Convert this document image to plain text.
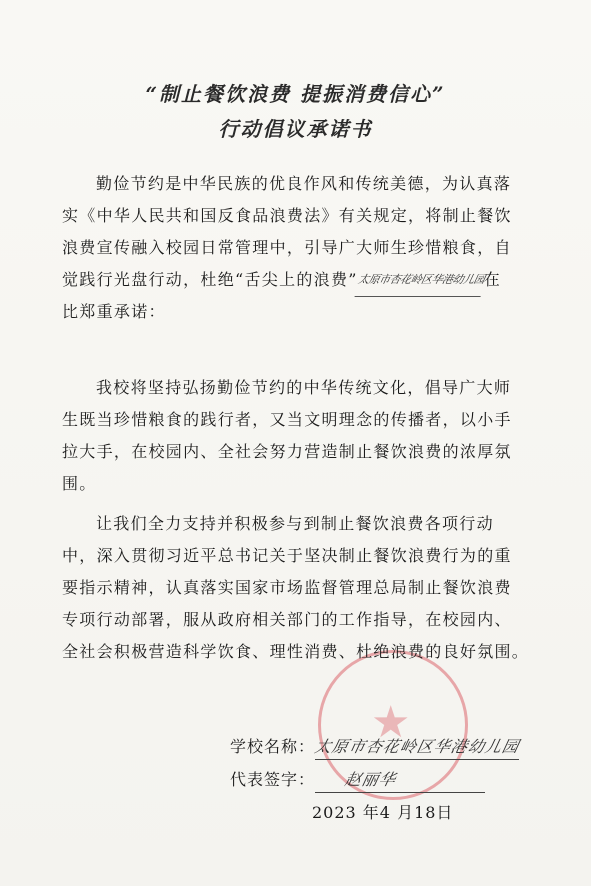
★
“制止餐饮浪费 提振消费信心”
行动倡议承诺书
勤俭节约是中华民族的优良作风和传统美德，为认真落
实《中华人民共和国反食品浪费法》有关规定，将制止餐饮
浪费宣传融入校园日常管理中，引导广大师生珍惜粮食，自
觉践行光盘行动，杜绝“舌尖上的浪费”太原市杏花岭区华港幼儿园在
比郑重承诺：
我校将坚持弘扬勤俭节约的中华传统文化，倡导广大师
生既当珍惜粮食的践行者，又当文明理念的传播者，以小手
拉大手，在校园内、全社会努力营造制止餐饮浪费的浓厚氛
围。
让我们全力支持并积极参与到制止餐饮浪费各项行动
中，深入贯彻习近平总书记关于坚决制止餐饮浪费行为的重
要指示精神，认真落实国家市场监督管理总局制止餐饮浪费
专项行动部署，服从政府相关部门的工作指导，在校园内、
全社会积极营造科学饮食、理性消费、杜绝浪费的良好氛围。
学校名称：太原市杏花岭区华港幼儿园
代表签字： 赵丽华
2023 年4 月18日
